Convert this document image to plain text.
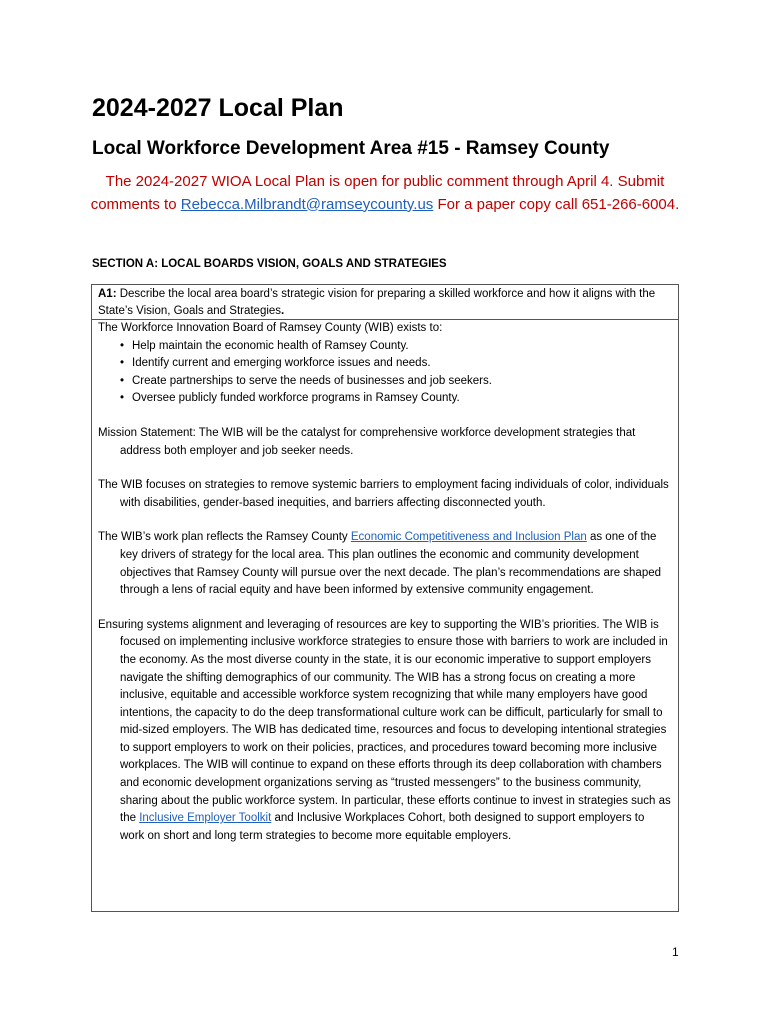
2024-2027 Local Plan
Local Workforce Development Area #15 - Ramsey County

The 2024-2027 WIOA Local Plan is open for public comment through April 4. Submit comments to Rebecca.Milbrandt@ramseycounty.us For a paper copy call 651-266-6004.

SECTION A: LOCAL BOARDS VISION, GOALS AND STRATEGIES

A1: Describe the local area board’s strategic vision for preparing a skilled workforce and how it aligns with the State’s Vision, Goals and Strategies.

The Workforce Innovation Board of Ramsey County (WIB) exists to:

• Help maintain the economic health of Ramsey County.
• Identify current and emerging workforce issues and needs.
• Create partnerships to serve the needs of businesses and job seekers.
• Oversee publicly funded workforce programs in Ramsey County.

Mission Statement: The WIB will be the catalyst for comprehensive workforce development strategies that address both employer and job seeker needs.

The WIB focuses on strategies to remove systemic barriers to employment facing individuals of color, individuals with disabilities, gender-based inequities, and barriers affecting disconnected youth.

The WIB’s work plan reflects the Ramsey County Economic Competitiveness and Inclusion Plan as one of the key drivers of strategy for the local area. This plan outlines the economic and community development objectives that Ramsey County will pursue over the next decade. The plan’s recommendations are shaped through a lens of racial equity and have been informed by extensive community engagement.

Ensuring systems alignment and leveraging of resources are key to supporting the WIB’s priorities. The WIB is focused on implementing inclusive workforce strategies to ensure those with barriers to work are included in the economy. As the most diverse county in the state, it is our economic imperative to support employers navigate the shifting demographics of our community. The WIB has a strong focus on creating a more inclusive, equitable and accessible workforce system recognizing that while many employers have good intentions, the capacity to do the deep transformational culture work can be difficult, particularly for small to mid-sized employers. The WIB has dedicated time, resources and focus to developing intentional strategies to support employers to work on their policies, practices, and procedures toward becoming more inclusive workplaces. The WIB will continue to expand on these efforts through its deep collaboration with chambers and economic development organizations serving as “trusted messengers” to the business community, sharing about the public workforce system. In particular, these efforts continue to invest in strategies such as the Inclusive Employer Toolkit and Inclusive Workplaces Cohort, both designed to support employers to work on short and long term strategies to become more equitable employers.

1
